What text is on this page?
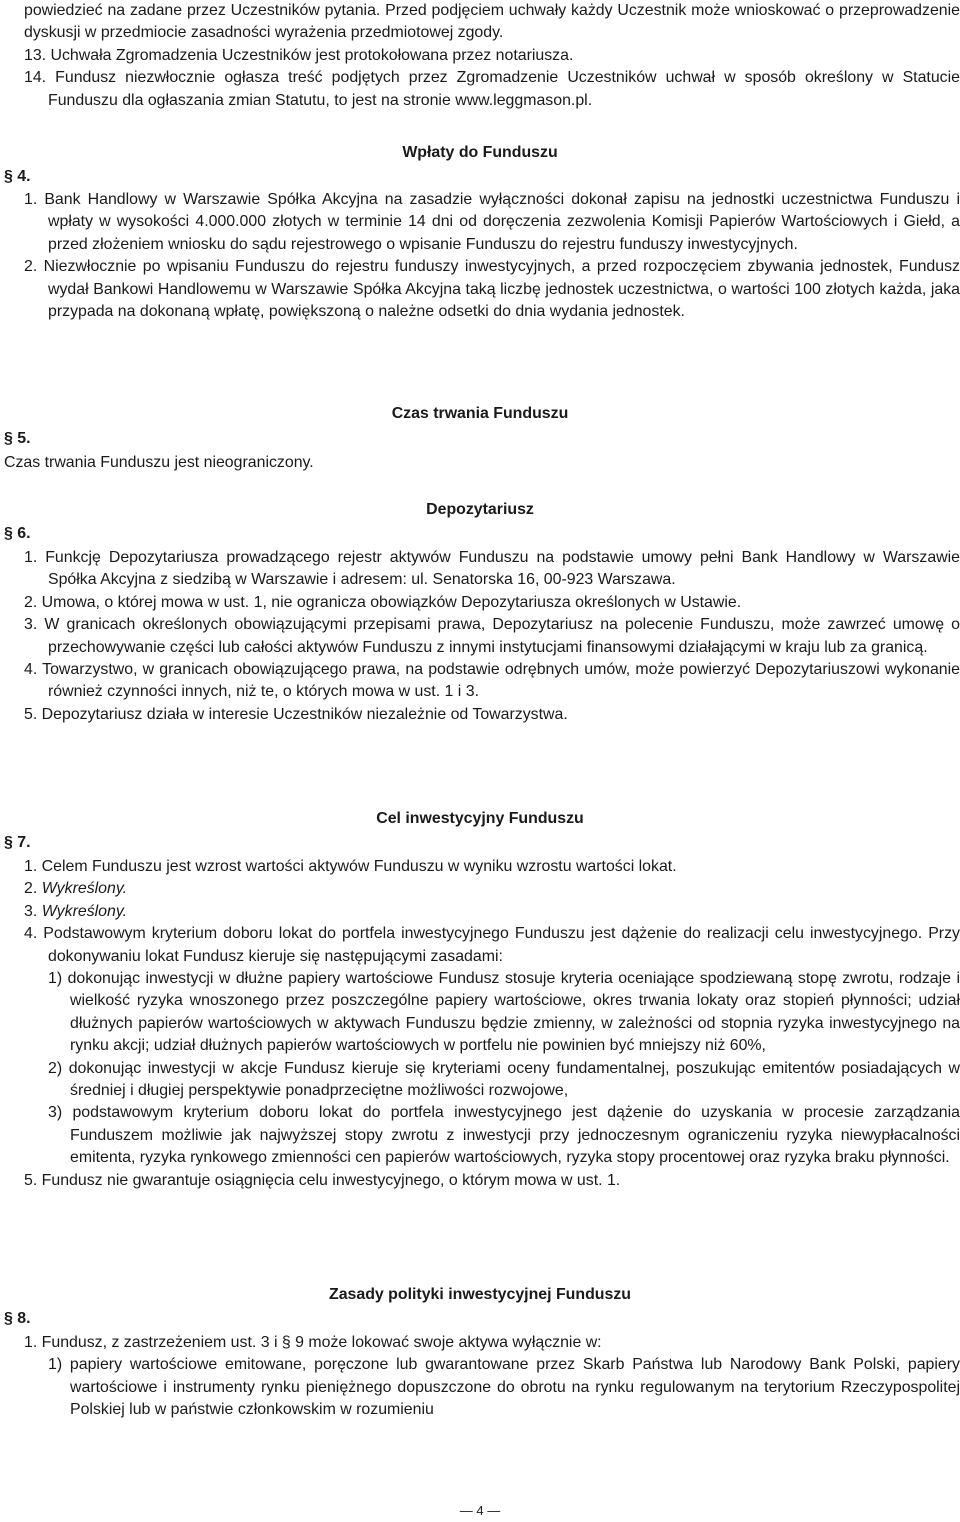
powiedzieć na zadane przez Uczestników pytania. Przed podjęciem uchwały każdy Uczestnik może wnioskować o przeprowadzenie dyskusji w przedmiocie zasadności wyrażenia przedmiotowej zgody.

13. Uchwała Zgromadzenia Uczestników jest protokołowana przez notariusza.

14. Fundusz niezwłocznie ogłasza treść podjętych przez Zgromadzenie Uczestników uchwał w sposób określony w Statucie Funduszu dla ogłaszania zmian Statutu, to jest na stronie www.leggmason.pl.

Wpłaty do Funduszu

§ 4.

1. Bank Handlowy w Warszawie Spółka Akcyjna na zasadzie wyłączności dokonał zapisu na jednostki uczestnictwa Funduszu i wpłaty w wysokości 4.000.000 złotych w terminie 14 dni od doręczenia zezwolenia Komisji Papierów Wartościowych i Giełd, a przed złożeniem wniosku do sądu rejestrowego o wpisanie Funduszu do rejestru funduszy inwestycyjnych.

2. Niezwłocznie po wpisaniu Funduszu do rejestru funduszy inwestycyjnych, a przed rozpoczęciem zbywania jednostek, Fundusz wydał Bankowi Handlowemu w Warszawie Spółka Akcyjna taką liczbę jednostek uczestnictwa, o wartości 100 złotych każda, jaka przypada na dokonaną wpłatę, powiększoną o należne odsetki do dnia wydania jednostek.

Czas trwania Funduszu

§ 5.

Czas trwania Funduszu jest nieograniczony.

Depozytariusz

§ 6.

1. Funkcję Depozytariusza prowadzącego rejestr aktywów Funduszu na podstawie umowy pełni Bank Handlowy w Warszawie Spółka Akcyjna z siedzibą w Warszawie i adresem: ul. Senatorska 16, 00-923 Warszawa.

2. Umowa, o której mowa w ust. 1, nie ogranicza obowiązków Depozytariusza określonych w Ustawie.

3. W granicach określonych obowiązującymi przepisami prawa, Depozytariusz na polecenie Funduszu, może zawrzeć umowę o przechowywanie części lub całości aktywów Funduszu z innymi instytucjami finansowymi działającymi w kraju lub za granicą.

4. Towarzystwo, w granicach obowiązującego prawa, na podstawie odrębnych umów, może powierzyć Depozytariuszowi wykonanie również czynności innych, niż te, o których mowa w ust. 1 i 3.

5. Depozytariusz działa w interesie Uczestników niezależnie od Towarzystwa.

Cel inwestycyjny Funduszu

§ 7.

1. Celem Funduszu jest wzrost wartości aktywów Funduszu w wyniku wzrostu wartości lokat.

2. Wykreślony.

3. Wykreślony.

4. Podstawowym kryterium doboru lokat do portfela inwestycyjnego Funduszu jest dążenie do realizacji celu inwestycyjnego. Przy dokonywaniu lokat Fundusz kieruje się następującymi zasadami:

1) dokonując inwestycji w dłużne papiery wartościowe Fundusz stosuje kryteria oceniające spodziewaną stopę zwrotu, rodzaje i wielkość ryzyka wnoszonego przez poszczególne papiery wartościowe, okres trwania lokaty oraz stopień płynności; udział dłużnych papierów wartościowych w aktywach Funduszu będzie zmienny, w zależności od stopnia ryzyka inwestycyjnego na rynku akcji; udział dłużnych papierów wartościowych w portfelu nie powinien być mniejszy niż 60%,

2) dokonując inwestycji w akcje Fundusz kieruje się kryteriami oceny fundamentalnej, poszukując emitentów posiadających w średniej i długiej perspektywie ponadprzeciętne możliwości rozwojowe,

3) podstawowym kryterium doboru lokat do portfela inwestycyjnego jest dążenie do uzyskania w procesie zarządzania Funduszem możliwie jak najwyższej stopy zwrotu z inwestycji przy jednoczesnym ograniczeniu ryzyka niewypłacalności emitenta, ryzyka rynkowego zmienności cen papierów wartościowych, ryzyka stopy procentowej oraz ryzyka braku płynności.

5. Fundusz nie gwarantuje osiągnięcia celu inwestycyjnego, o którym mowa w ust. 1.

Zasady polityki inwestycyjnej Funduszu

§ 8.

1. Fundusz, z zastrzeżeniem ust. 3 i § 9 może lokować swoje aktywa wyłącznie w:

1) papiery wartościowe emitowane, poręczone lub gwarantowane przez Skarb Państwa lub Narodowy Bank Polski, papiery wartościowe i instrumenty rynku pieniężnego dopuszczone do obrotu na rynku regulowanym na terytorium Rzeczypospolitej Polskiej lub w państwie członkowskim w rozumieniu

— 4 —
